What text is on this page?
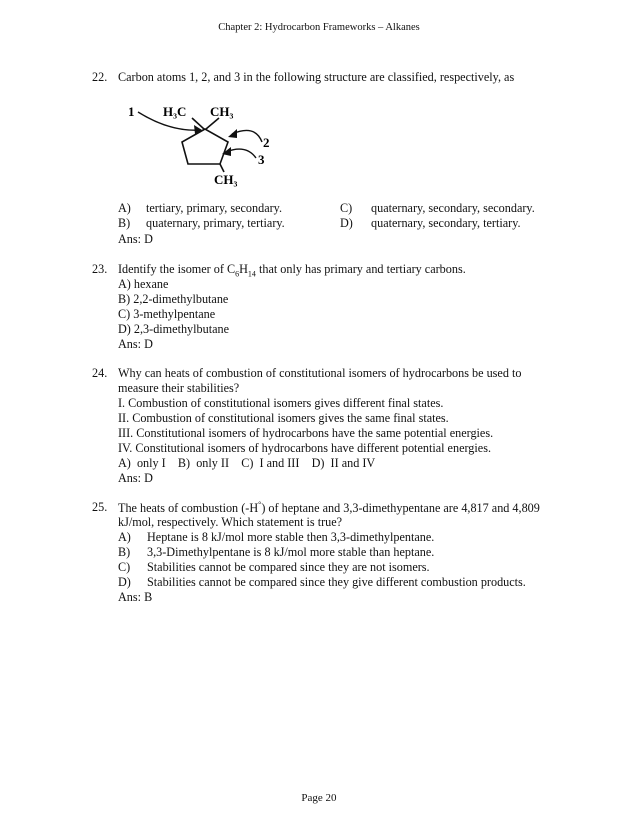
Chapter 2: Hydrocarbon Frameworks – Alkanes
22. Carbon atoms 1, 2, and 3 in the following structure are classified, respectively, as
1 H₃C CH₃
CH₃
2
3
A) tertiary, primary, secondary.	C) quaternary, secondary, secondary.
B) quaternary, primary, tertiary.	D) quaternary, secondary, tertiary.
Ans: D
23. Identify the isomer of $C_6H_{14}$ that only has primary and tertiary carbons.
A) hexane
B) 2,2-dimethylbutane
C) 3-methylpentane
D) 2,3-dimethylbutane
Ans: D
24. Why can heats of combustion of constitutional isomers of hydrocarbons be used to
measure their stabilities?
I. Combustion of constitutional isomers gives different final states.
II. Combustion of constitutional isomers gives the same final states.
III. Constitutional isomers of hydrocarbons have the same potential energies.
IV. Constitutional isomers of hydrocarbons have different potential energies.
A)  only I    B)  only II    C)  I and III    D)  II and IV
Ans: D
25. The heats of combustion (-H°) of heptane and 3,3-dimethypentane are 4,817 and 4,809
kJ/mol, respectively. Which statement is true?
A) Heptane is 8 kJ/mol more stable then 3,3-dimethylpentane.
B) 3,3-Dimethylpentane is 8 kJ/mol more stable than heptane.
C) Stabilities cannot be compared since they are not isomers.
D) Stabilities cannot be compared since they give different combustion products.
Ans: B
Page 20
